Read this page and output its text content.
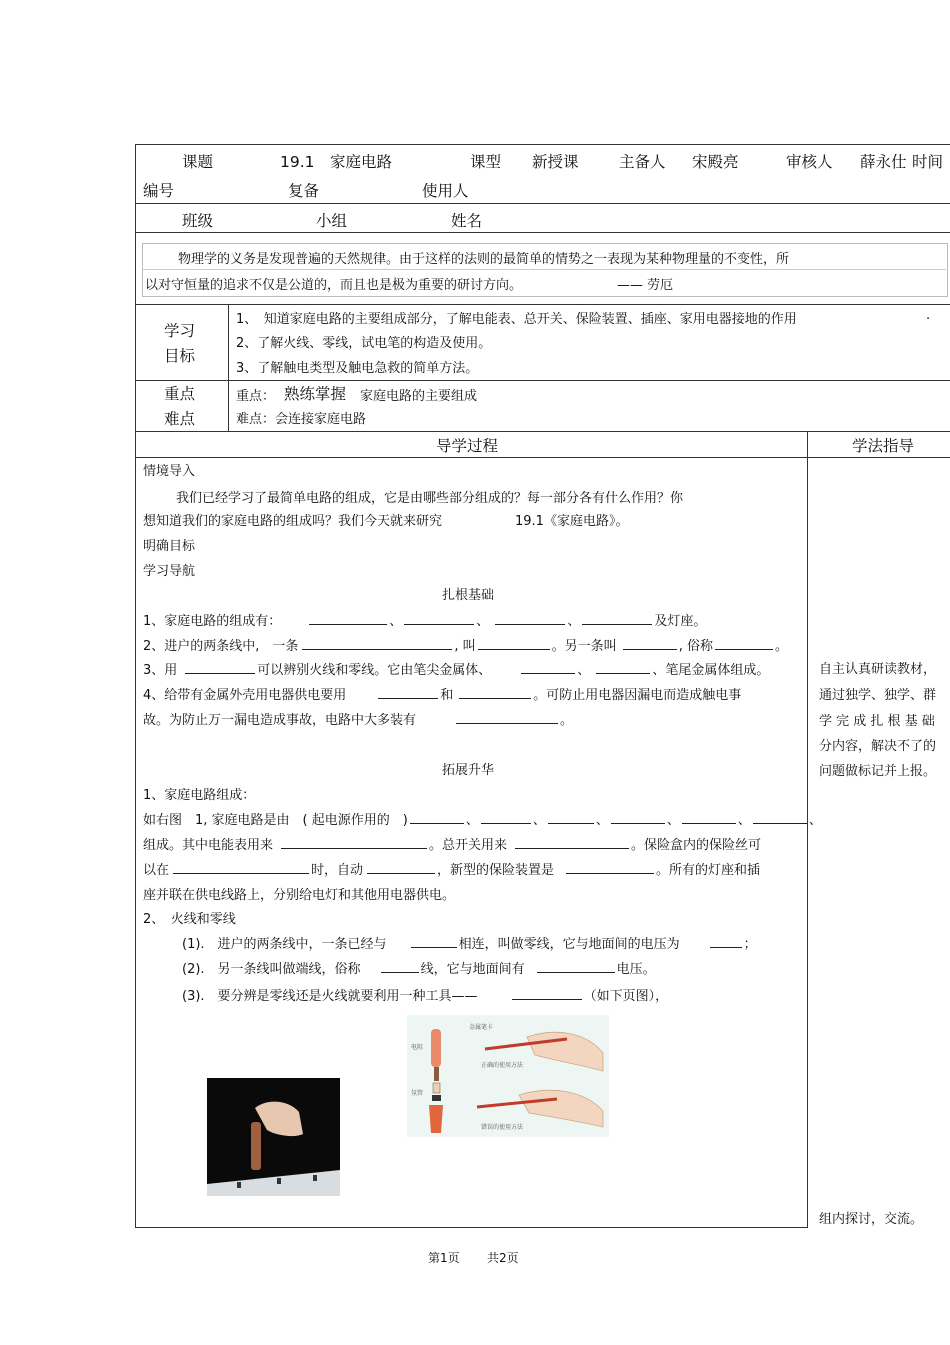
课题	19.1　家庭电路	课型 新授课	主备人 宋殿亮	审核人 薛永仕 时间
编号	复备	使用人
班级	小组	姓名
物理学的义务是发现普遍的天然规律。由于这样的法则的最简单的情势之一表现为某种物理量的不变性，所
以对守恒量的追求不仅是公道的，而且也是极为重要的研讨方向。	—— 劳厄
学习
目标
1、　知道家庭电路的主要组成部分，了解电能表、总开关、保险装置、插座、家用电器接地的作用	.
2、了解火线、零线，试电笔的构造及使用。
3、了解触电类型及触电急救的简单方法。
重点
难点
重点： 熟练掌握 家庭电路的主要组成
难点：会连接家庭电路
导学过程	学法指导
情境导入
我们已经学习了最简单电路的组成，它是由哪些部分组成的？每一部分各有什么作用？你
想知道我们的家庭电路的组成吗？我们今天就来研究	19.1《家庭电路》。
明确目标
学习导航
扎根基础
1、家庭电路的组成有：	、	、	、	及灯座。
2、进户的两条线中,　一条	, 叫	。另一条叫	, 俗称	。
3、用	可以辨别火线和零线。它由笔尖金属体、	、	、笔尾金属体组成。
4、给带有金属外壳用电器供电要用	和	。可防止用电器因漏电而造成触电事
故。为防止万一漏电造成事故，电路中大多装有	。
拓展升华
1、家庭电路组成：
如右图　1, 家庭电路是由　( 起电源作用的　)	、	、	、	、	、	、
组成。其中电能表用来	。总开关用来	。保险盒内的保险丝可
以在	时，自动	，新型的保险装置是	。所有的灯座和插
座并联在供电线路上，分别给电灯和其他用电器供电。
2、　火线和零线
(1).　进户的两条线中，一条已经与	相连，叫做零线，它与地面间的电压为	；
(2).　另一条线叫做端线，俗称	线，它与地面间有	电压。
(3).　要分辨是零线还是火线就要利用一种工具——	（如下页图），
金属笔卡
正确的使用方法
错误的使用方法
电阻
氖管
自主认真研读教材，
通过独学、独学、群
学 完 成 扎 根 基 础
分内容，解决不了的
问题做标记并上报。
组内探讨，交流。
第1页 共2页
